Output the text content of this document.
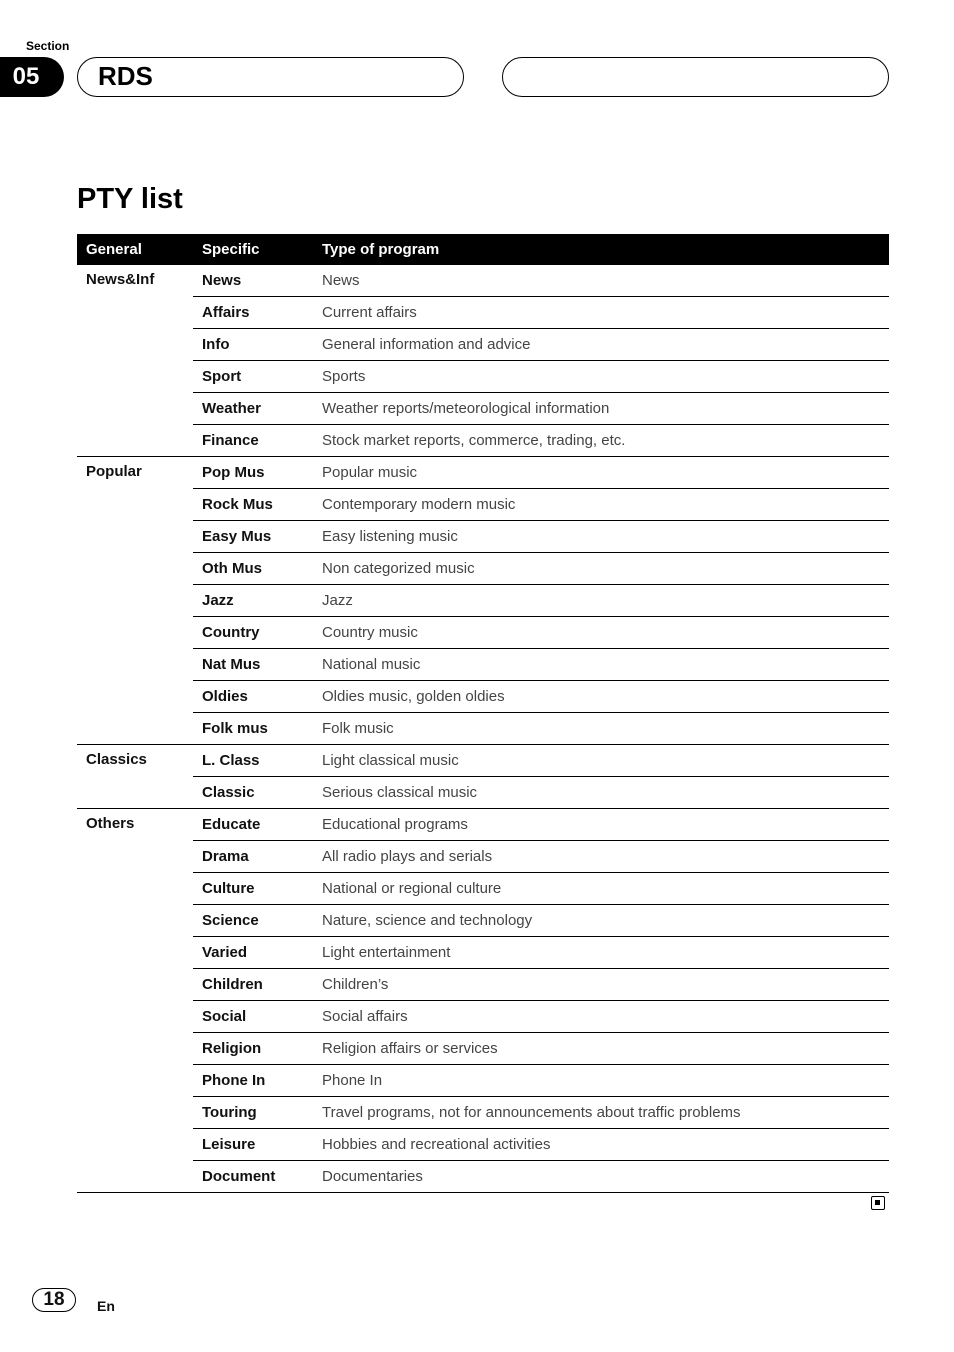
Section
05	RDS
PTY list
General	Specific	Type of program
News&Inf	News	News
	Affairs	Current affairs
	Info	General information and advice
	Sport	Sports
	Weather	Weather reports/meteorological information
	Finance	Stock market reports, commerce, trading, etc.
Popular	Pop Mus	Popular music
	Rock Mus	Contemporary modern music
	Easy Mus	Easy listening music
	Oth Mus	Non categorized music
	Jazz	Jazz
	Country	Country music
	Nat Mus	National music
	Oldies	Oldies music, golden oldies
	Folk mus	Folk music
Classics	L. Class	Light classical music
	Classic	Serious classical music
Others	Educate	Educational programs
	Drama	All radio plays and serials
	Culture	National or regional culture
	Science	Nature, science and technology
	Varied	Light entertainment
	Children	Children’s
	Social	Social affairs
	Religion	Religion affairs or services
	Phone In	Phone In
	Touring	Travel programs, not for announcements about traffic problems
	Leisure	Hobbies and recreational activities
	Document	Documentaries
18	En
